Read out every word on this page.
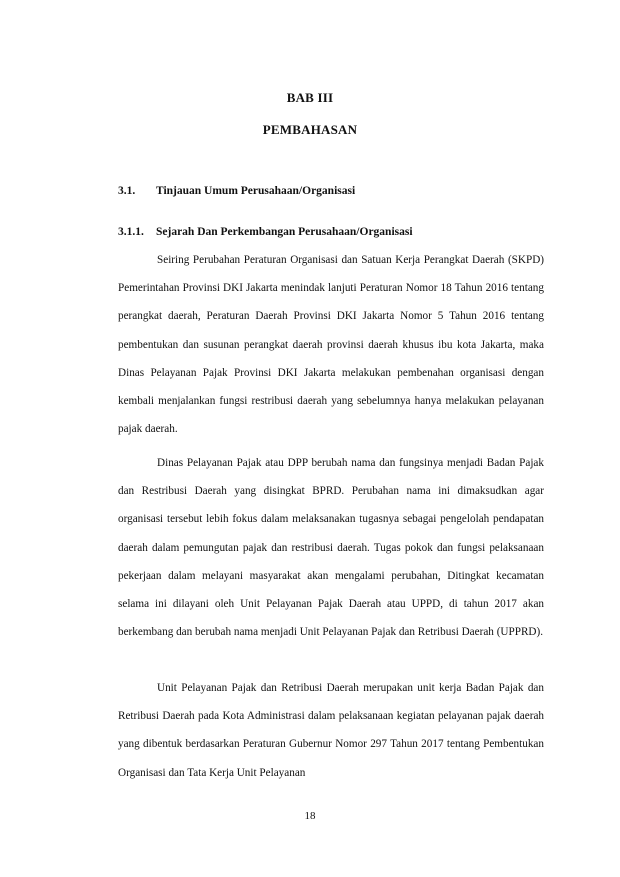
BAB III
PEMBAHASAN
3.1. Tinjauan Umum Perusahaan/Organisasi
3.1.1. Sejarah Dan Perkembangan Perusahaan/Organisasi

Seiring Perubahan Peraturan Organisasi dan Satuan Kerja Perangkat Daerah (SKPD) Pemerintahan Provinsi DKI Jakarta menindak lanjuti Peraturan Nomor 18 Tahun 2016 tentang perangkat daerah, Peraturan Daerah Provinsi DKI Jakarta Nomor 5 Tahun 2016 tentang pembentukan dan susunan perangkat daerah provinsi daerah khusus ibu kota Jakarta, maka Dinas Pelayanan Pajak Provinsi DKI Jakarta melakukan pembenahan organisasi dengan kembali menjalankan fungsi restribusi daerah yang sebelumnya hanya melakukan pelayanan pajak daerah.

Dinas Pelayanan Pajak atau DPP berubah nama dan fungsinya menjadi Badan Pajak dan Restribusi Daerah yang disingkat BPRD. Perubahan nama ini dimaksudkan agar organisasi tersebut lebih fokus dalam melaksanakan tugasnya sebagai pengelolah pendapatan daerah dalam pemungutan pajak dan restribusi daerah. Tugas pokok dan fungsi pelaksanaan pekerjaan dalam melayani masyarakat akan mengalami perubahan, Ditingkat kecamatan selama ini dilayani oleh Unit Pelayanan Pajak Daerah atau UPPD, di tahun 2017 akan berkembang dan berubah nama menjadi Unit Pelayanan Pajak dan Retribusi Daerah (UPPRD).

Unit Pelayanan Pajak dan Retribusi Daerah merupakan unit kerja Badan Pajak dan Retribusi Daerah pada Kota Administrasi dalam pelaksanaan kegiatan pelayanan pajak daerah yang dibentuk berdasarkan Peraturan Gubernur Nomor 297 Tahun 2017 tentang Pembentukan Organisasi dan Tata Kerja Unit Pelayanan

18
